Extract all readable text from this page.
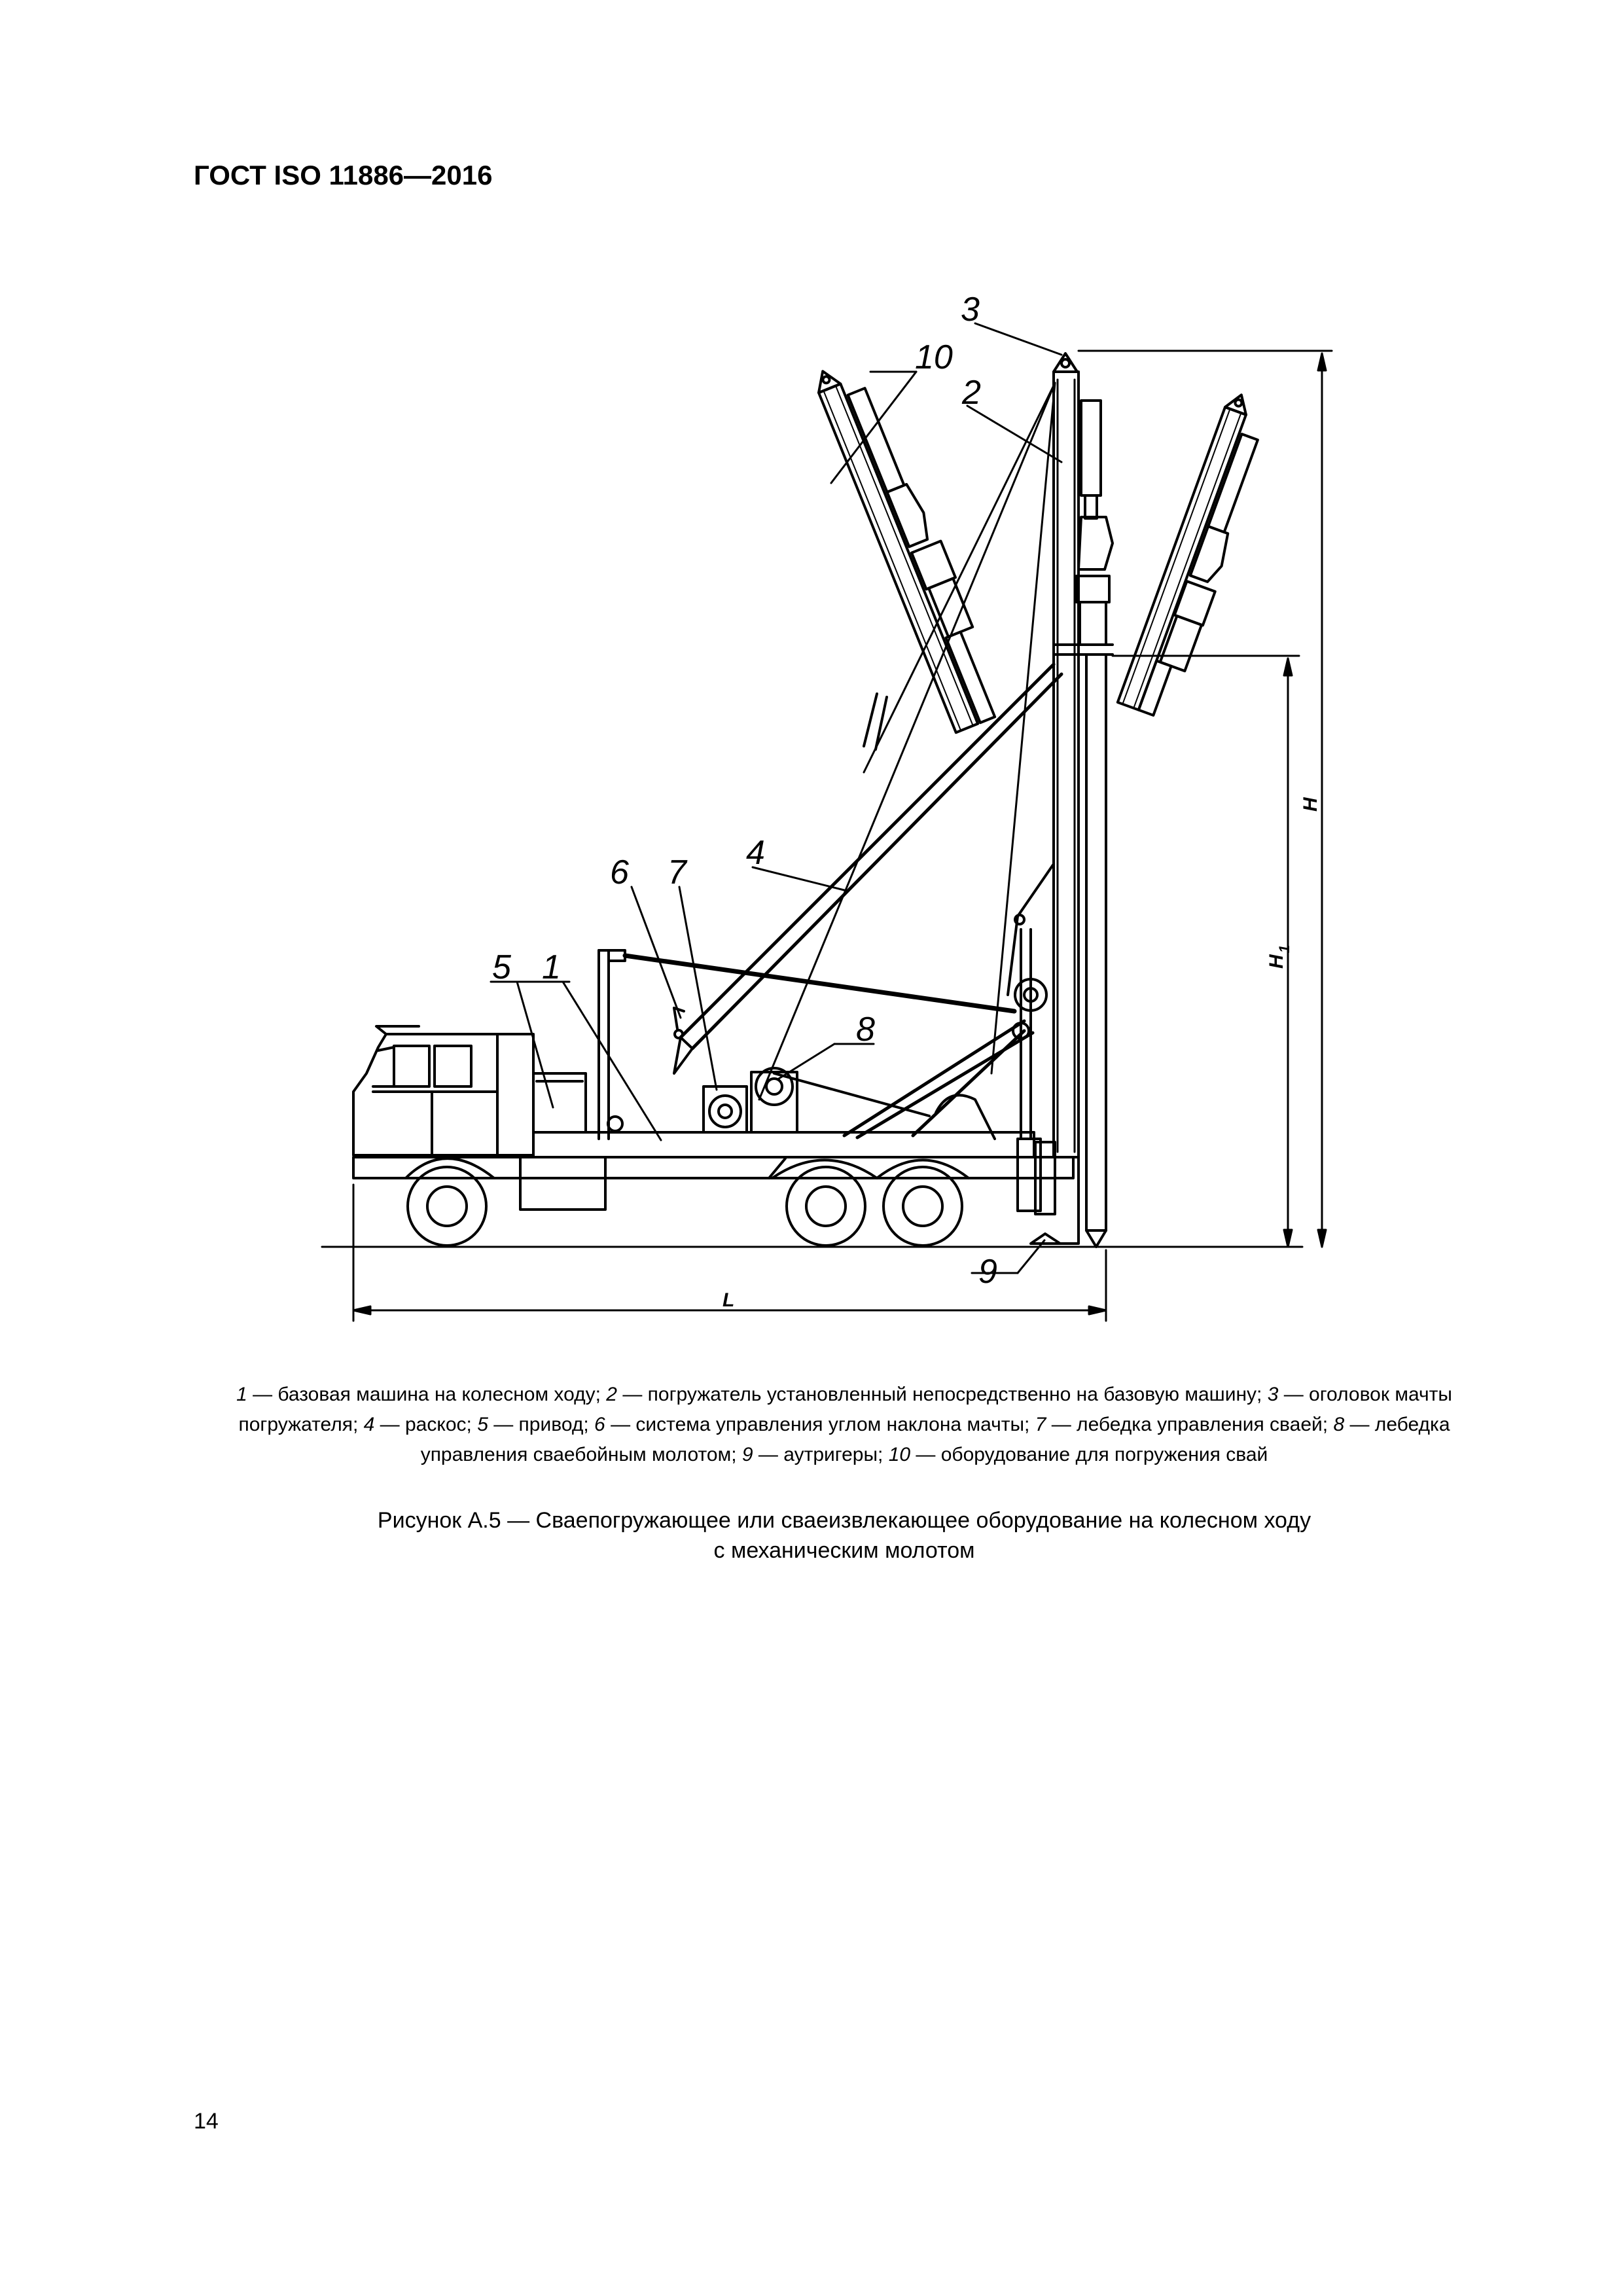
ГОСТ ISO 11886—2016
1
2
3
4
5
6 7
8
9
10
L
H
H
1
1 — базовая машина на колесном ходу; 2 — погружатель установленный непосредственно на базовую машину; 3 — оголовок мачты погружателя; 4 — раскос; 5 — привод; 6 — система управления углом наклона мачты; 7 — лебедка управления сваей; 8 — лебедка управления сваебойным молотом; 9 — аутригеры; 10 — оборудование для погружения свай
Рисунок А.5 — Сваепогружающее или сваеизвлекающее оборудование на колесном ходу
с механическим молотом
14
